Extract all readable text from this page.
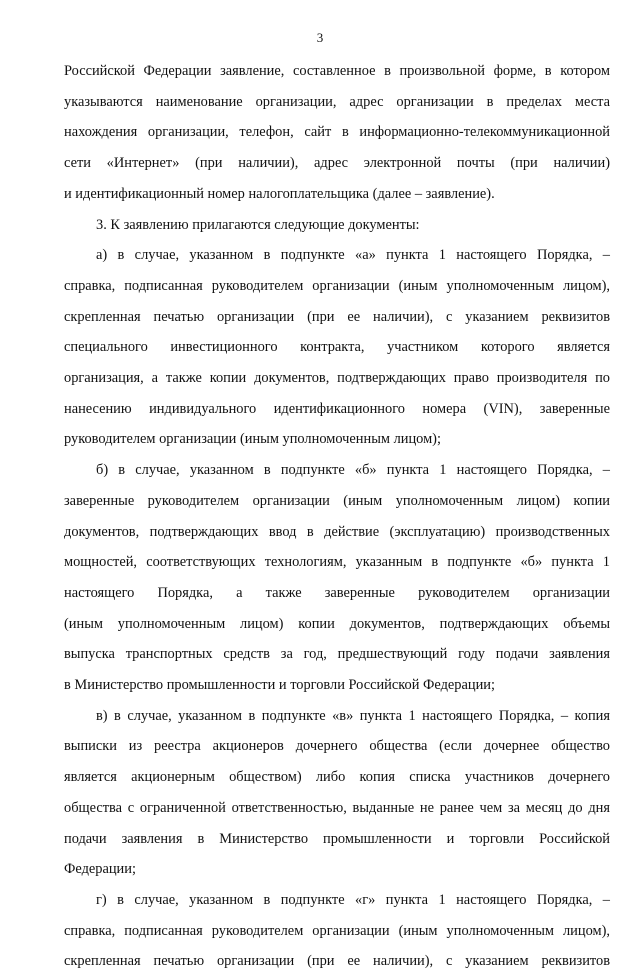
3
Российской Федерации заявление, составленное в произвольной форме, в котором
указываются наименование организации, адрес организации в пределах места
нахождения организации, телефон, сайт в информационно-телекоммуникационной
сети «Интернет» (при наличии), адрес электронной почты (при наличии)
и идентификационный номер налогоплательщика (далее – заявление).
3. К заявлению прилагаются следующие документы:
а) в случае, указанном в подпункте «а» пункта 1 настоящего Порядка, –
справка, подписанная руководителем организации (иным уполномоченным лицом),
скрепленная печатью организации (при ее наличии), с указанием реквизитов
специального инвестиционного контракта, участником которого является
организация, а также копии документов, подтверждающих право производителя по
нанесению индивидуального идентификационного номера (VIN), заверенные
руководителем организации (иным уполномоченным лицом);
б) в случае, указанном в подпункте «б» пункта 1 настоящего Порядка, –
заверенные руководителем организации (иным уполномоченным лицом) копии
документов, подтверждающих ввод в действие (эксплуатацию) производственных
мощностей, соответствующих технологиям, указанным в подпункте «б» пункта 1
настоящего Порядка, а также заверенные руководителем организации
(иным уполномоченным лицом) копии документов, подтверждающих объемы
выпуска транспортных средств за год, предшествующий году подачи заявления
в Министерство промышленности и торговли Российской Федерации;
в) в случае, указанном в подпункте «в» пункта 1 настоящего Порядка, – копия
выписки из реестра акционеров дочернего общества (если дочернее общество
является акционерным обществом) либо копия списка участников дочернего
общества с ограниченной ответственностью, выданные не ранее чем за месяц до дня
подачи заявления в Министерство промышленности и торговли Российской
Федерации;
г) в случае, указанном в подпункте «г» пункта 1 настоящего Порядка, –
справка, подписанная руководителем организации (иным уполномоченным лицом),
скрепленная печатью организации (при ее наличии), с указанием реквизитов
